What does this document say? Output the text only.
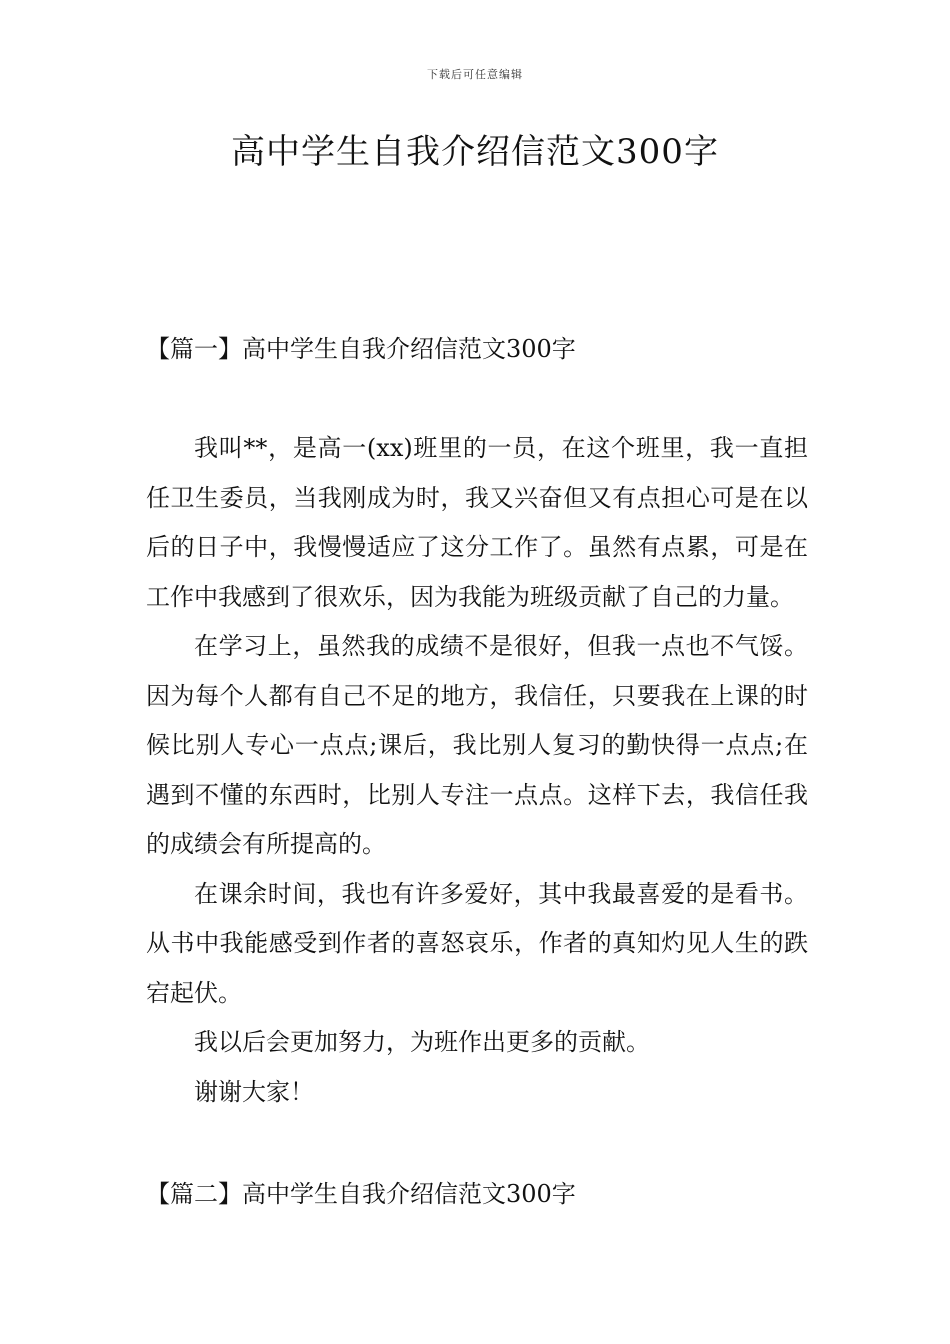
下载后可任意编辑
高中学生自我介绍信范文300字
【篇一】高中学生自我介绍信范文300字

我叫**，是高一(xx)班里的一员，在这个班里，我一直担任卫生委员，当我刚成为时，我又兴奋但又有点担心可是在以后的日子中，我慢慢适应了这分工作了。虽然有点累，可是在工作中我感到了很欢乐，因为我能为班级贡献了自己的力量。

在学习上，虽然我的成绩不是很好，但我一点也不气馁。因为每个人都有自己不足的地方，我信任，只要我在上课的时候比别人专心一点点;课后，我比别人复习的勤快得一点点;在遇到不懂的东西时，比别人专注一点点。这样下去，我信任我的成绩会有所提高的。

在课余时间，我也有许多爱好，其中我最喜爱的是看书。从书中我能感受到作者的喜怒哀乐，作者的真知灼见人生的跌宕起伏。

我以后会更加努力，为班作出更多的贡献。

谢谢大家！

【篇二】高中学生自我介绍信范文300字
